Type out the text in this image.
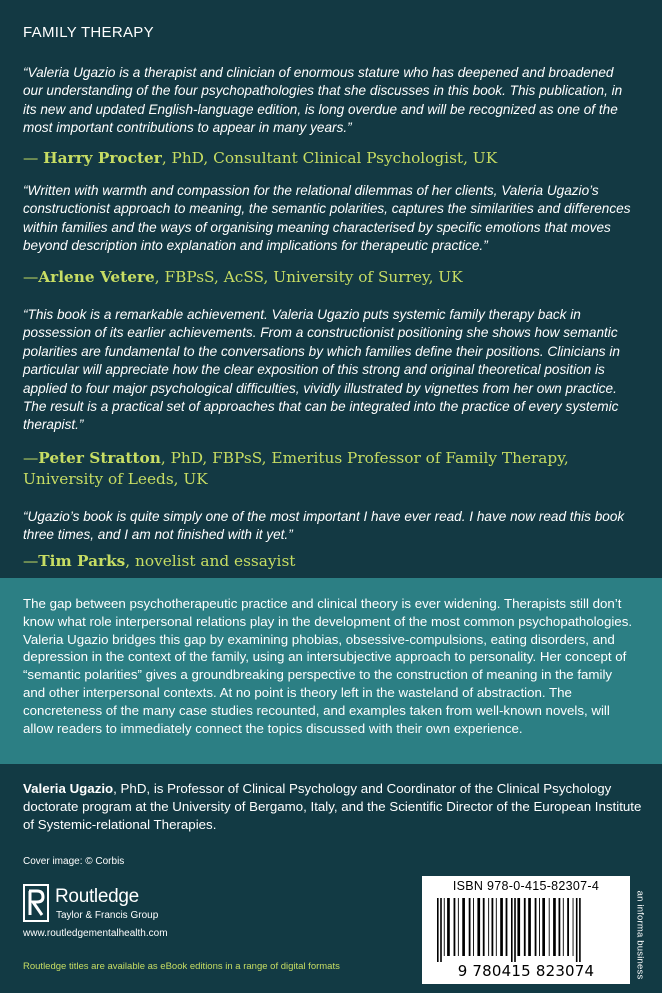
FAMILY THERAPY
“Valeria Ugazio is a therapist and clinician of enormous stature who has deepened and broadened our understanding of the four psychopathologies that she discusses in this book. This publication, in its new and updated English-language edition, is long overdue and will be recognized as one of the most important contributions to appear in many years.”
— Harry Procter, PhD, Consultant Clinical Psychologist, UK
“Written with warmth and compassion for the relational dilemmas of her clients, Valeria Ugazio’s constructionist approach to meaning, the semantic polarities, captures the similarities and differences within families and the ways of organising meaning characterised by specific emotions that moves beyond description into explanation and implications for therapeutic practice.”
—Arlene Vetere, FBPsS, AcSS, University of Surrey, UK
“This book is a remarkable achievement. Valeria Ugazio puts systemic family therapy back in possession of its earlier achievements. From a constructionist positioning she shows how semantic polarities are fundamental to the conversations by which families define their positions. Clinicians in particular will appreciate how the clear exposition of this strong and original theoretical position is applied to four major psychological difficulties, vividly illustrated by vignettes from her own practice. The result is a practical set of approaches that can be integrated into the practice of every systemic therapist.”
—Peter Stratton, PhD, FBPsS, Emeritus Professor of Family Therapy, University of Leeds, UK
“Ugazio’s book is quite simply one of the most important I have ever read. I have now read this book three times, and I am not finished with it yet.”
—Tim Parks, novelist and essayist
The gap between psychotherapeutic practice and clinical theory is ever widening. Therapists still don’t know what role interpersonal relations play in the development of the most common psychopathologies. Valeria Ugazio bridges this gap by examining phobias, obsessive-compulsions, eating disorders, and depression in the context of the family, using an intersubjective approach to personality. Her concept of “semantic polarities” gives a groundbreaking perspective to the construction of meaning in the family and other interpersonal contexts. At no point is theory left in the wasteland of abstraction. The concreteness of the many case studies recounted, and examples taken from well-known novels, will allow readers to immediately connect the topics discussed with their own experience.
Valeria Ugazio, PhD, is Professor of Clinical Psychology and Coordinator of the Clinical Psychology doctorate program at the University of Bergamo, Italy, and the Scientific Director of the European Institute of Systemic-relational Therapies.
Cover image: © Corbis
Routledge
Taylor & Francis Group
www.routledgementalhealth.com
Routledge titles are available as eBook editions in a range of digital formats
ISBN 978-0-415-82307-4
9 780415 823074	an informa business
